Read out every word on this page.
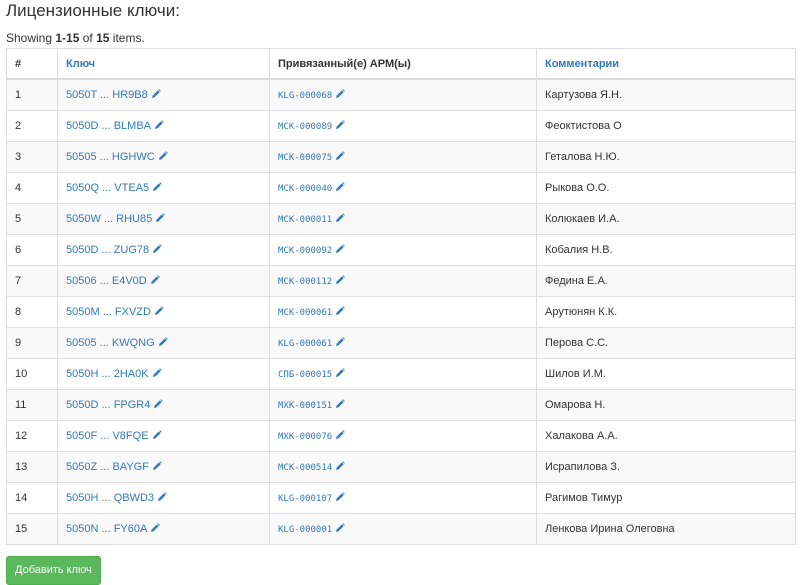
Лицензионные ключи:
Showing 1-15 of 15 items.
#	Ключ	Привязанный(е) АРМ(ы)	Комментарии
1	5050T ... HR9B8	KLG-000068	Картузова Я.Н.
2	5050D ... BLMBA	MCK-000089	Феоктистова О
3	50505 ... HGHWC	MCK-000075	Геталова Н.Ю.
4	5050Q ... VTEA5	MCK-000040	Рыкова О.О.
5	5050W ... RHU85	MCK-000011	Колюкаев И.А.
6	5050D ... ZUG78	MCK-000092	Кобалия Н.В.
7	50506 ... E4V0D	MCK-000112	Федина Е.А.
8	5050M ... FXVZD	MCK-000061	Арутюнян К.К.
9	50505 ... KWQNG	KLG-000061	Перова С.С.
10	5050H ... 2HA0K	СПБ-000015	Шилов И.М.
11	5050D ... FPGR4	MXK-000151	Омарова Н.
12	5050F ... V8FQE	MXK-000076	Халакова А.А.
13	5050Z ... BAYGF	MCK-000514	Исрапилова З.
14	5050H ... QBWD3	KLG-000107	Рагимов Тимур
15	5050N ... FY60A	KLG-000001	Ленкова Ирина Олеговна
Добавить ключ
